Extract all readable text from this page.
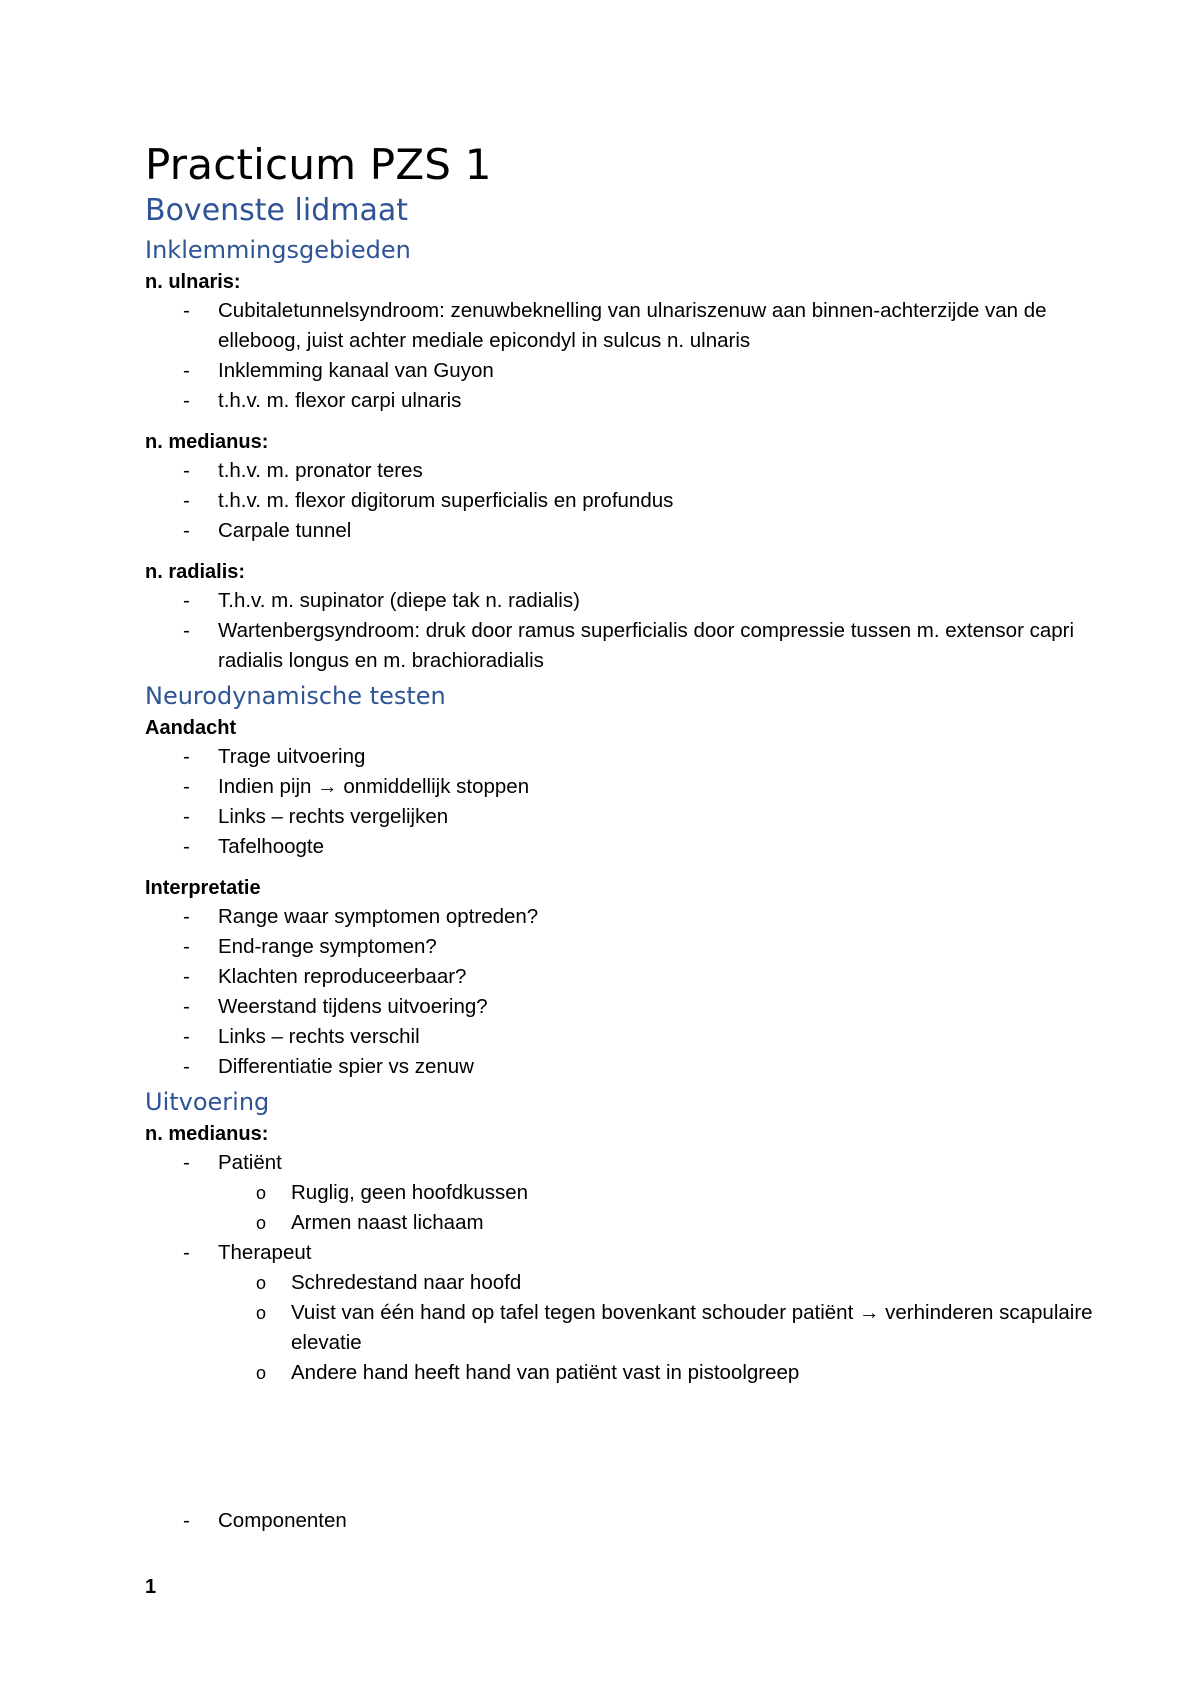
Practicum PZS 1
Bovenste lidmaat
Inklemmingsgebieden

n. ulnaris:

- Cubitaletunnelsyndroom: zenuwbeknelling van ulnariszenuw aan binnen-achterzijde van de elleboog, juist achter mediale epicondyl in sulcus n. ulnaris
- Inklemming kanaal van Guyon
- t.h.v. m. flexor carpi ulnaris

n. medianus:

- t.h.v. m. pronator teres
- t.h.v. m. flexor digitorum superficialis en profundus
- Carpale tunnel

n. radialis:

- T.h.v. m. supinator (diepe tak n. radialis)
- Wartenbergsyndroom: druk door ramus superficialis door compressie tussen m. extensor capri radialis longus en m. brachioradialis
Neurodynamische testen

Aandacht

- Trage uitvoering
- Indien pijn → onmiddellijk stoppen
- Links – rechts vergelijken
- Tafelhoogte

Interpretatie

- Range waar symptomen optreden?
- End-range symptomen?
- Klachten reproduceerbaar?
- Weerstand tijdens uitvoering?
- Links – rechts verschil
- Differentiatie spier vs zenuw
Uitvoering

n. medianus:

- Patiënt
o Ruglig, geen hoofdkussen
o Armen naast lichaam
- Therapeut
o Schredestand naar hoofd
o Vuist van één hand op tafel tegen bovenkant schouder patiënt → verhinderen scapulaire elevatie
o Andere hand heeft hand van patiënt vast in pistoolgreep
- Componenten
1
